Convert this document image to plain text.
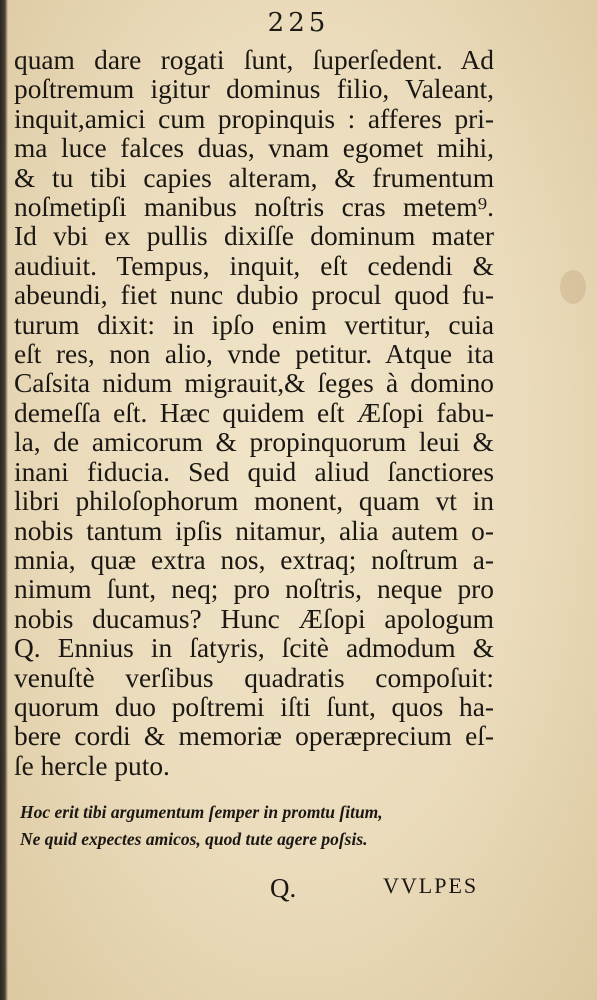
225
quam dare rogati ſunt, ſuperſedent. Ad
poſtremum igitur dominus filio, Valeant,
inquit,amici cum propinquis : afferes pri-
ma luce falces duas, vnam egomet mihi,
& tu tibi capies alteram, & frumentum
noſmetipſi manibus noſtris cras metem⁹.
Id vbi ex pullis dixiſſe dominum mater
audiuit. Tempus, inquit, eſt cedendi &
abeundi, fiet nunc dubio procul quod fu-
turum dixit: in ipſo enim vertitur, cuia
eſt res, non alio, vnde petitur. Atque ita
Caſsita nidum migrauit,& ſeges à domino
demeſſa eſt. Hæc quidem eſt Æſopi fabu-
la, de amicorum & propinquorum leui &
inani fiducia. Sed quid aliud ſanctiores
libri philoſophorum monent, quam vt in
nobis tantum ipſis nitamur, alia autem o-
mnia, quæ extra nos, extraq; noſtrum a-
nimum ſunt, neq; pro noſtris, neque pro
nobis ducamus? Hunc Æſopi apologum
Q. Ennius in ſatyris, ſcitè admodum &
venuſtè verſibus quadratis compoſuit:
quorum duo poſtremi iſti ſunt, quos ha-
bere cordi & memoriæ operæprecium eſ-
ſe hercle puto.
Hoc erit tibi argumentum ſemper in promtu ſitum,
Ne quid expectes amicos, quod tute agere poſsis.
Q.	VVLPES
